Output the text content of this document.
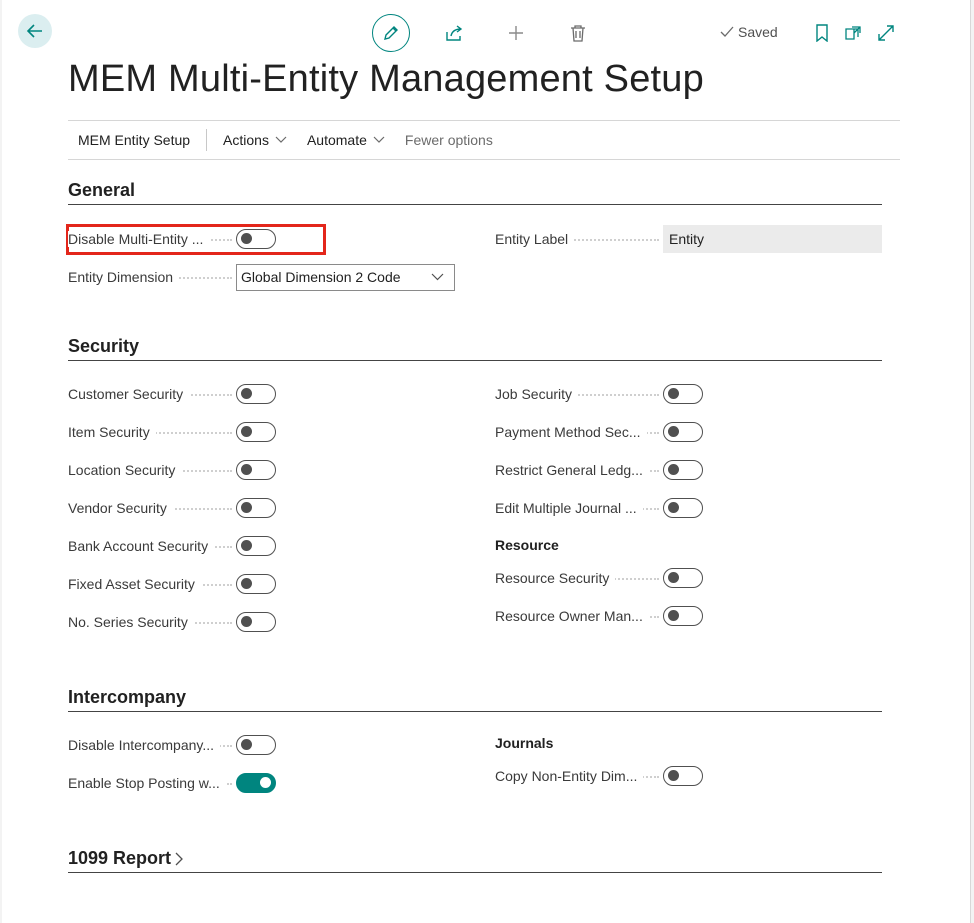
Saved
MEM Multi-Entity Management Setup
MEM Entity Setup Actions	Automate	Fewer options
General
Disable Multi-Entity ...
Entity Dimension	Global Dimension 2 Code
Entity Label	Entity
Security
Customer Security
Item Security
Location Security
Vendor Security
Bank Account Security
Fixed Asset Security
No. Series Security
Job Security
Payment Method Sec...
Restrict General Ledg...
Edit Multiple Journal ...
Resource
Resource Security
Resource Owner Man...
Intercompany
Disable Intercompany...
Enable Stop Posting w...
Journals
Copy Non-Entity Dim...
1099 Report
